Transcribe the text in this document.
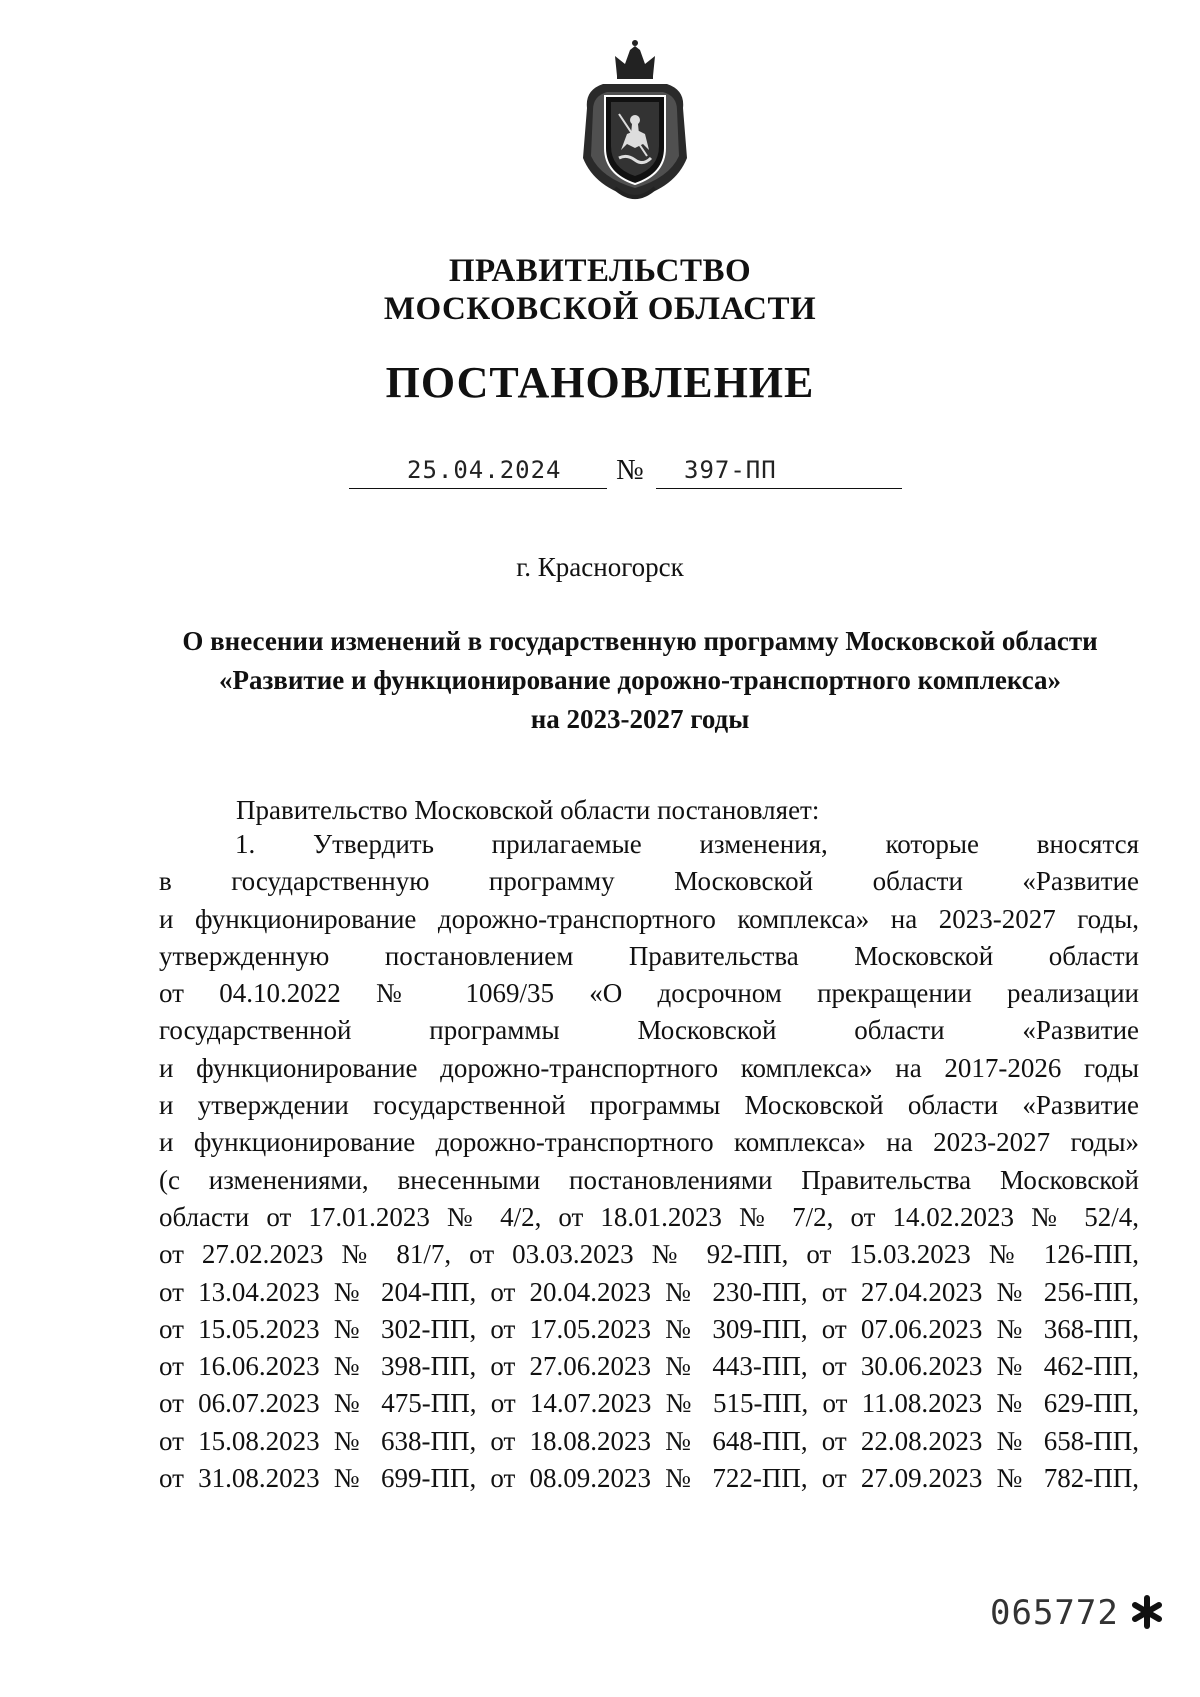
ПРАВИТЕЛЬСТВО
МОСКОВСКОЙ ОБЛАСТИ
ПОСТАНОВЛЕНИЕ
25.04.2024 № 397-ПП
г. Красногорск
О внесении изменений в государственную программу Московской области
«Развитие и функционирование дорожно-транспортного комплекса»
на 2023-2027 годы
Правительство Московской области постановляет:
1. Утвердить прилагаемые изменения, которые вносятся
в государственную программу Московской области «Развитие
и функционирование дорожно-транспортного комплекса» на 2023-2027 годы,
утвержденную постановлением Правительства Московской области
от 04.10.2022 № 1069/35 «О досрочном прекращении реализации
государственной программы Московской области «Развитие
и функционирование дорожно-транспортного комплекса» на 2017-2026 годы
и утверждении государственной программы Московской области «Развитие
и функционирование дорожно-транспортного комплекса» на 2023-2027 годы»
(с изменениями, внесенными постановлениями Правительства Московской
области от 17.01.2023 № 4/2, от 18.01.2023 № 7/2, от 14.02.2023 № 52/4,
от 27.02.2023 № 81/7, от 03.03.2023 № 92-ПП, от 15.03.2023 № 126-ПП,
от 13.04.2023 № 204-ПП, от 20.04.2023 № 230-ПП, от 27.04.2023 № 256-ПП,
от 15.05.2023 № 302-ПП, от 17.05.2023 № 309-ПП, от 07.06.2023 № 368-ПП,
от 16.06.2023 № 398-ПП, от 27.06.2023 № 443-ПП, от 30.06.2023 № 462-ПП,
от 06.07.2023 № 475-ПП, от 14.07.2023 № 515-ПП, от 11.08.2023 № 629-ПП,
от 15.08.2023 № 638-ПП, от 18.08.2023 № 648-ПП, от 22.08.2023 № 658-ПП,
от 31.08.2023 № 699-ПП, от 08.09.2023 № 722-ПП, от 27.09.2023 № 782-ПП,
065772
